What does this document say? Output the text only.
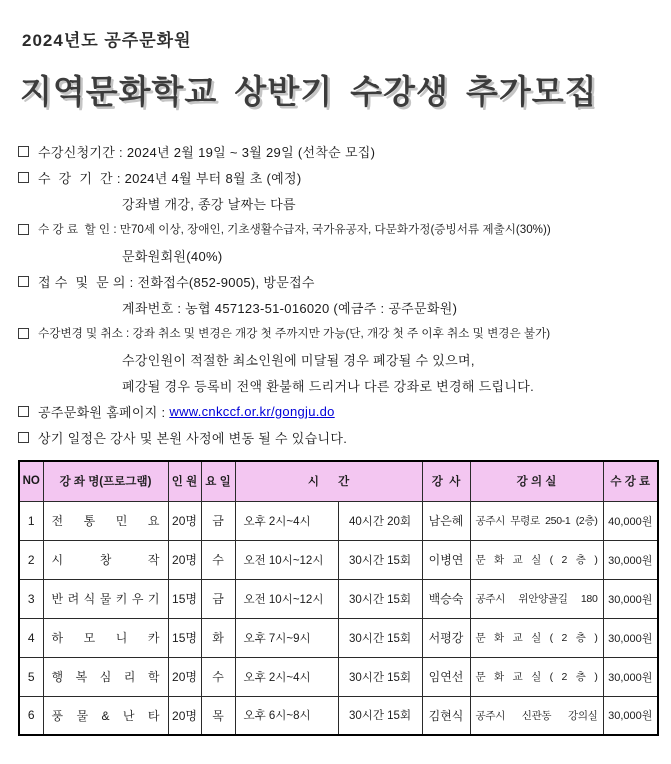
2024년도 공주문화원
지역문화학교 상반기 수강생 추가모집
수강신청기간 : 2024년 2월 19일 ~ 3월 29일 (선착순 모집)
수  강  기  간 : 2024년 4월 부터 8월 초 (예정)
강좌별 개강, 종강 날짜는 다름
수 강 료  할 인 : 만70세 이상, 장애인, 기초생활수급자, 국가유공자, 다문화가정(증빙서류 제출시(30%))
문화원회원(40%)
접 수  및  문 의 : 전화접수(852-9005), 방문접수
계좌번호 : 농협 457123-51-016020 (예금주 : 공주문화원)
수강변경 및 취소 : 강좌 취소 및 변경은 개강 첫 주까지만 가능(단, 개강 첫 주 이후 취소 및 변경은 불가)
수강인원이 적절한 최소인원에 미달될 경우 폐강될 수 있으며,
폐강될 경우 등록비 전액 환불해 드리거나 다른 강좌로 변경해 드립니다.
공주문화원 홈페이지 : www.cnkccf.or.kr/gongju.do
상기 일정은 강사 및 본원 사정에 변동 될 수 있습니다.
NO	강 좌 명(프로그램)	인 원	요 일	시      간		강  사	강 의 실	수 강 료
1	전 통 민 요	20명	금	오후 2시~4시	40시간 20회	남은혜	공주시 무령로 250-1 (2층)	40,000원
2	시 창 작	20명	수	오전 10시~12시	30시간 15회	이병연	문 화 교 실 ( 2 층 )	30,000원
3	반 려 식 물 키 우 기	15명	금	오전 10시~12시	30시간 15회	백승숙	공주시 위안양골길 180	30,000원
4	하 모 니 카	15명	화	오후 7시~9시	30시간 15회	서평강	문 화 교 실 ( 2 층 )	30,000원
5	행 복 심 리 학	20명	수	오후 2시~4시	30시간 15회	임연선	문 화 교 실 ( 2 층 )	30,000원
6	풍 물 & 난 타	20명	목	오후 6시~8시	30시간 15회	김현식	공주시 신관동 강의실	30,000원
